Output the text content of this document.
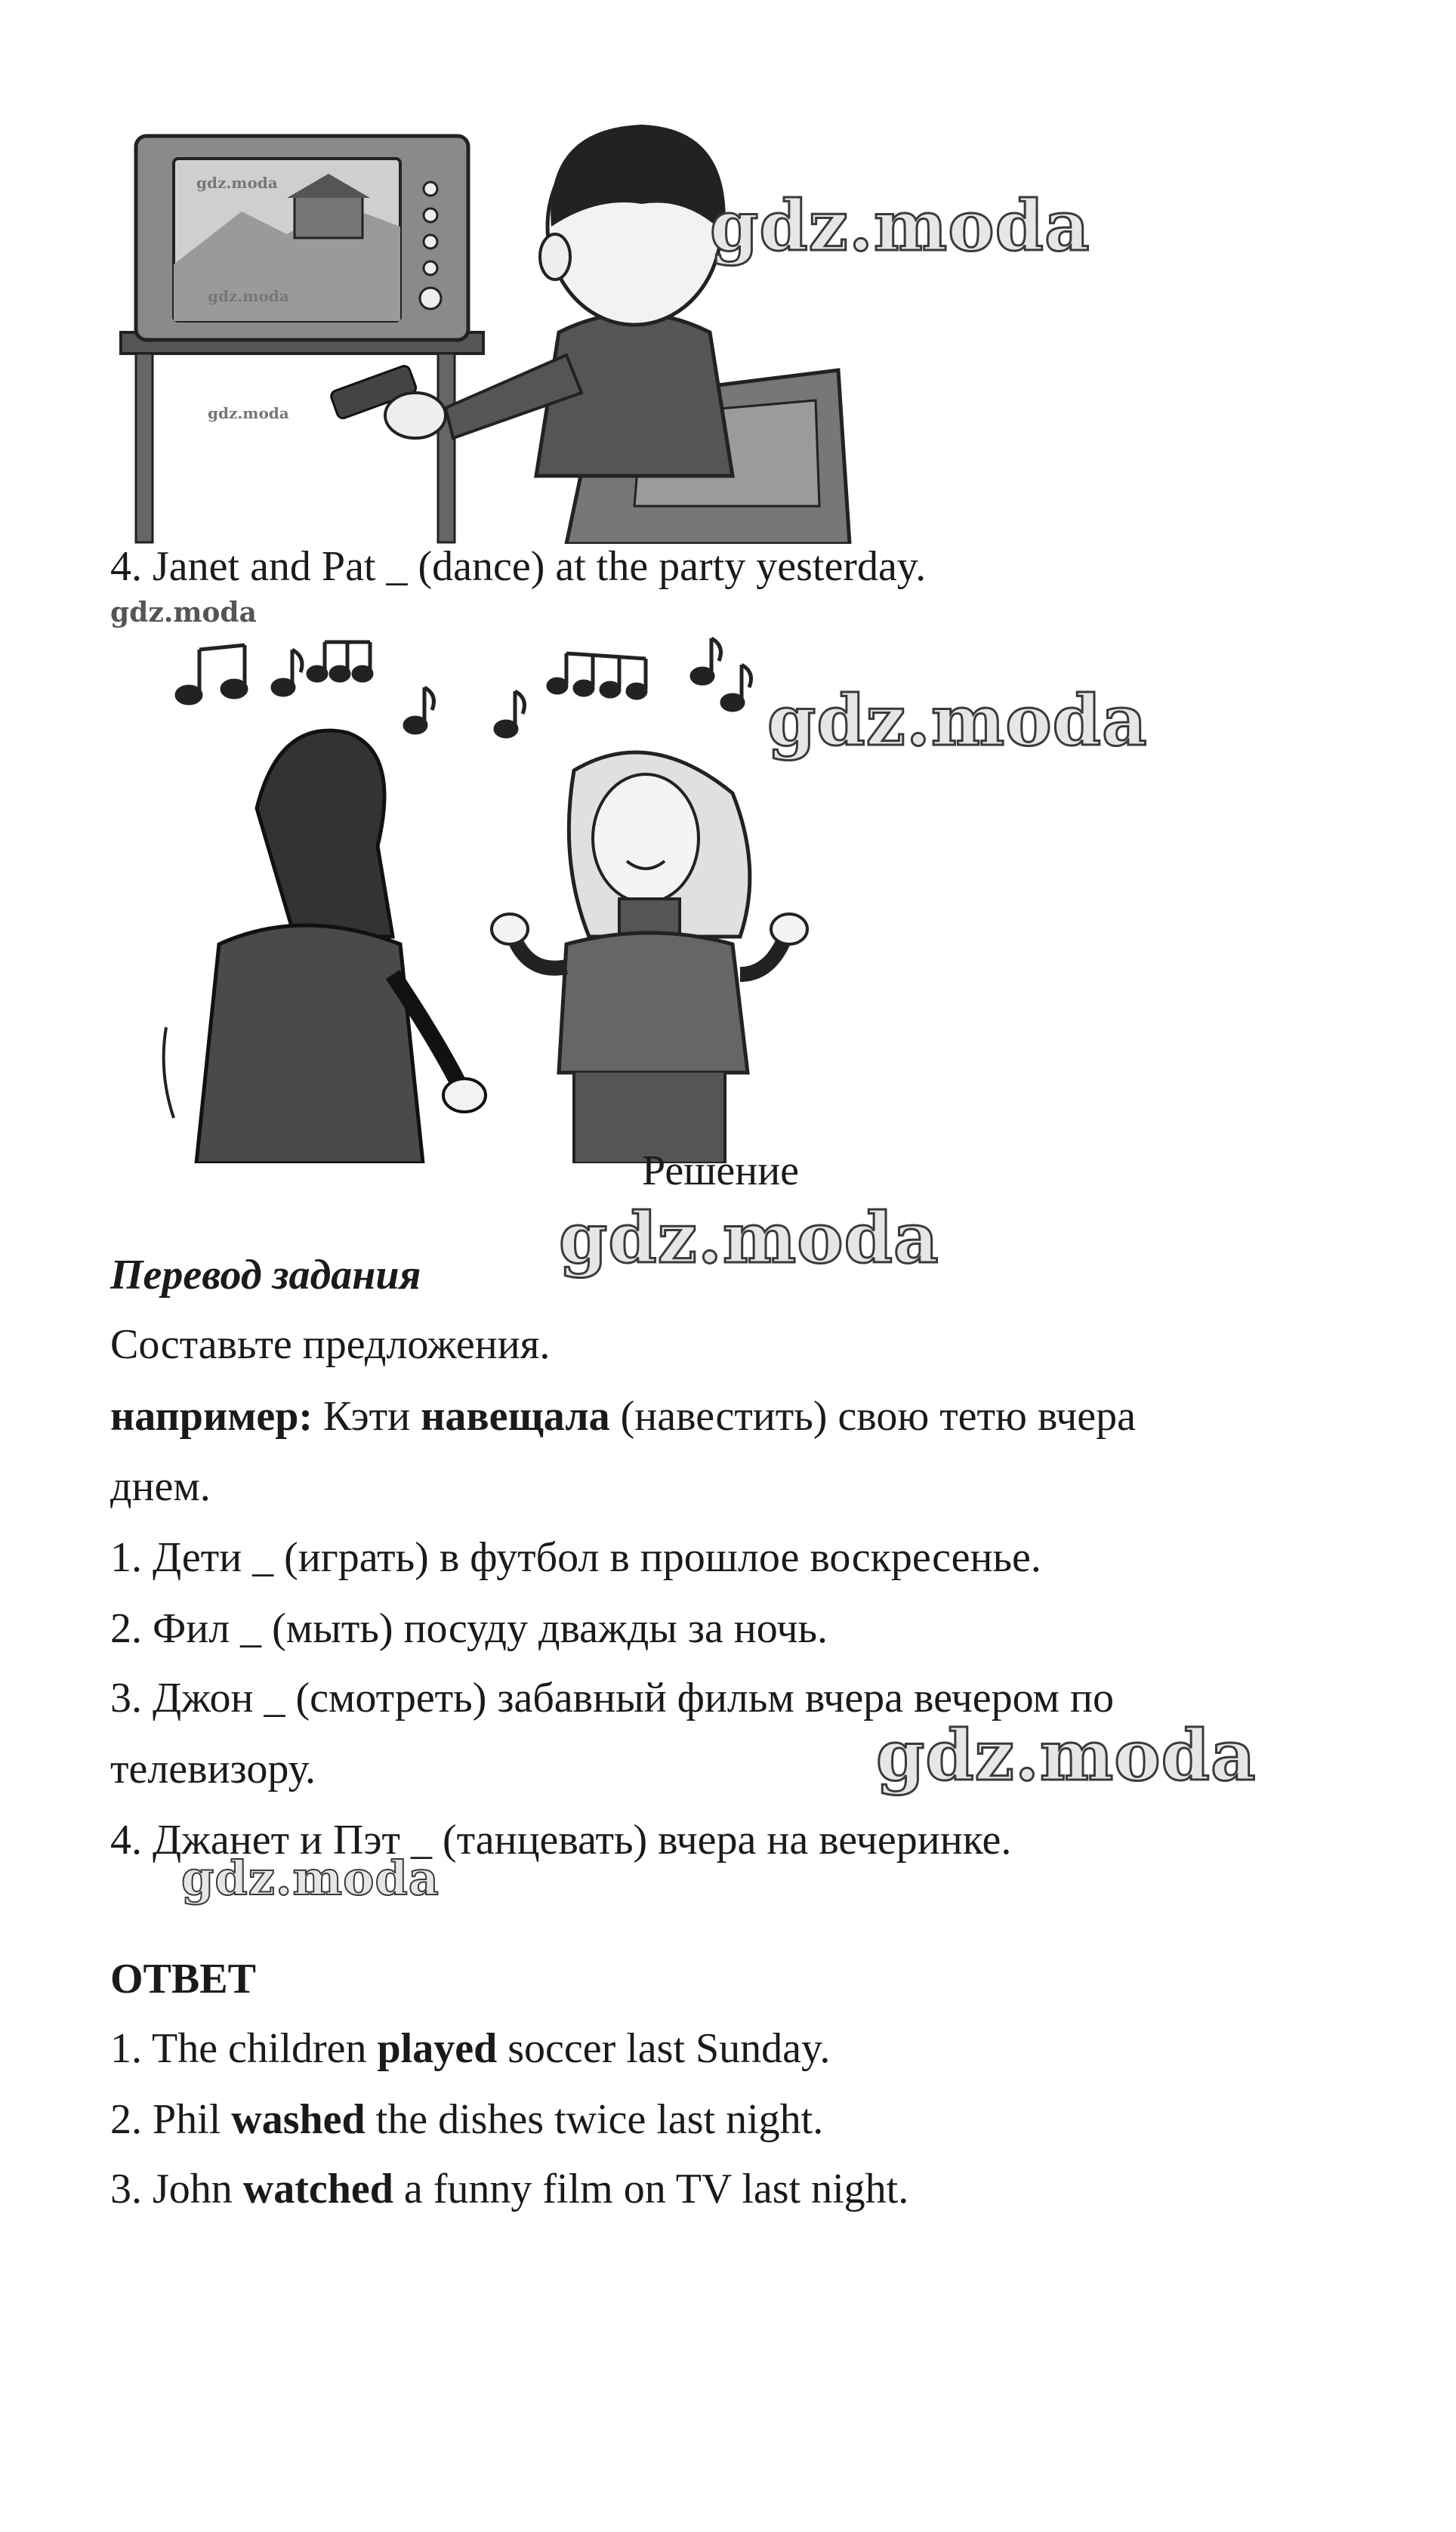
gdz.moda
gdz.moda
gdz.moda
gdz.moda
4. Janet and Pat _ (dance) at the party yesterday.
gdz.moda
gdz.moda
Решение
gdz.moda
Перевод задания
Составьте предложения.
например: Кэти навещала (навестить) свою тетю вчера
днем.
1. Дети _ (играть) в футбол в прошлое воскресенье.
2. Фил _ (мыть) посуду дважды за ночь.
3. Джон _ (смотреть) забавный фильм вчера вечером по
телевизору.	gdz.moda
4. Джанет и Пэт _ (танцевать) вчера на вечеринке.
gdz.moda
ОТВЕТ
1. The children played soccer last Sunday.
2. Phil washed the dishes twice last night.
3. John watched a funny film on TV last night.
